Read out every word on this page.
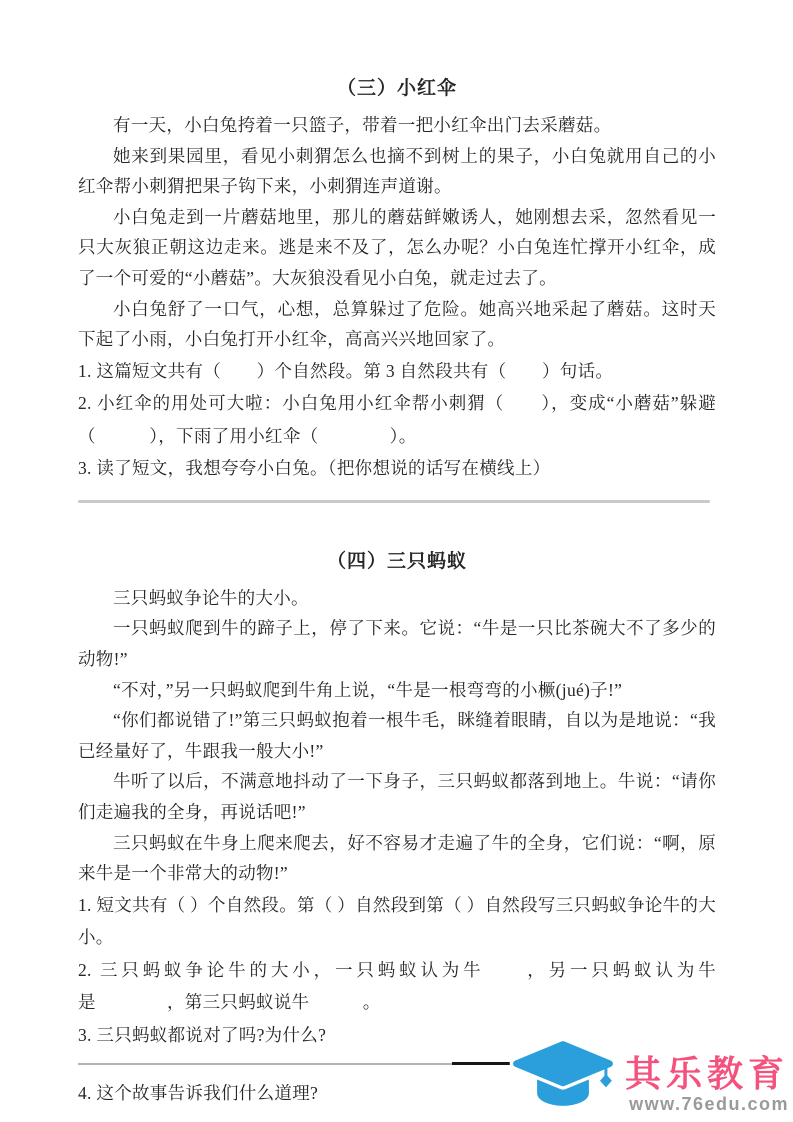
（三）小红伞

有一天，小白兔挎着一只篮子，带着一把小红伞出门去采蘑菇。

她来到果园里，看见小刺猬怎么也摘不到树上的果子，小白兔就用自己的小红伞帮小刺猬把果子钩下来，小刺猬连声道谢。

小白兔走到一片蘑菇地里，那儿的蘑菇鲜嫩诱人，她刚想去采，忽然看见一只大灰狼正朝这边走来。逃是来不及了，怎么办呢？小白兔连忙撑开小红伞，成了一个可爱的“小蘑菇”。大灰狼没看见小白兔，就走过去了。

小白兔舒了一口气，心想，总算躲过了危险。她高兴地采起了蘑菇。这时天下起了小雨，小白兔打开小红伞，高高兴兴地回家了。

1. 这篇短文共有（　　）个自然段。第 3 自然段共有（　　）句话。

2. 小红伞的用处可大啦：小白兔用小红伞帮小刺猬（　　），变成“小蘑菇”躲避（　　　），下雨了用小红伞（　　　　）。

3. 读了短文，我想夸夸小白兔。（把你想说的话写在横线上）

（四）三只蚂蚁

三只蚂蚁争论牛的大小。

一只蚂蚁爬到牛的蹄子上，停了下来。它说：“牛是一只比茶碗大不了多少的动物!”

“不对，”另一只蚂蚁爬到牛角上说，“牛是一根弯弯的小橛(jué)子!”

“你们都说错了!”第三只蚂蚁抱着一根牛毛，眯缝着眼睛，自以为是地说：“我已经量好了，牛跟我一般大小!”

牛听了以后，不满意地抖动了一下身子，三只蚂蚁都落到地上。牛说：“请你们走遍我的全身，再说话吧!”

三只蚂蚁在牛身上爬来爬去，好不容易才走遍了牛的全身，它们说：“啊，原来牛是一个非常大的动物!”

1. 短文共有（ ）个自然段。第（ ）自然段到第（ ）自然段写三只蚂蚁争论牛的大小。

2. 三只蚂蚁争论牛的大小，一只蚂蚁认为牛　　，另一只蚂蚁认为牛是　　　　，第三只蚂蚁说牛　　　。

3. 三只蚂蚁都说对了吗?为什么?

4. 这个故事告诉我们什么道理?	其乐教育
www.76edu.com
